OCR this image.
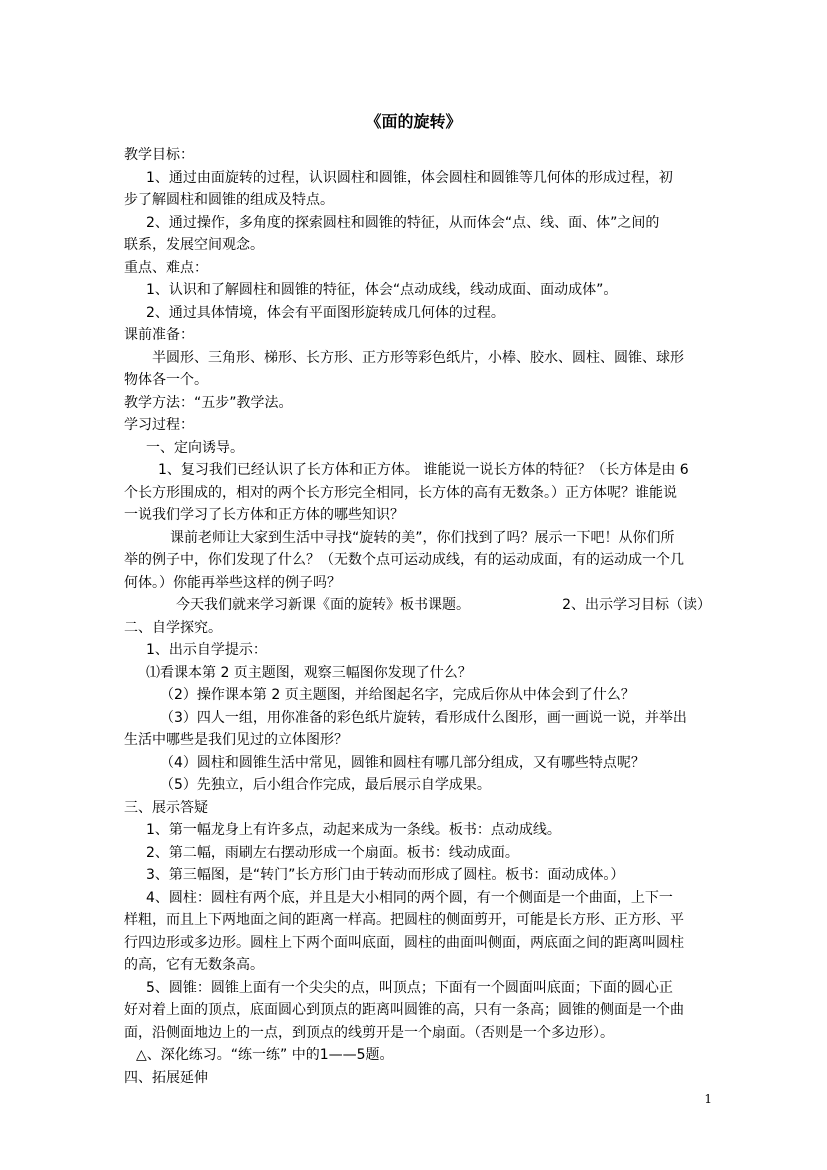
《面的旋转》
教学目标：
1、通过由面旋转的过程，认识圆柱和圆锥，体会圆柱和圆锥等几何体的形成过程，初
步了解圆柱和圆锥的组成及特点。
2、通过操作，多角度的探索圆柱和圆锥的特征，从而体会“点、线、面、体”之间的
联系，发展空间观念。
重点、难点：
1、认识和了解圆柱和圆锥的特征，体会“点动成线，线动成面、面动成体”。
2、通过具体情境，体会有平面图形旋转成几何体的过程。
课前准备：
半圆形、三角形、梯形、长方形、正方形等彩色纸片，小棒、胶水、圆柱、圆锥、球形
物体各一个。
教学方法：“五步”教学法。
学习过程：
一、定向诱导。
1、复习我们已经认识了长方体和正方体。 谁能说一说长方体的特征？（长方体是由 6
个长方形围成的，相对的两个长方形完全相同，长方体的高有无数条。）正方体呢？谁能说
一说我们学习了长方体和正方体的哪些知识？
课前老师让大家到生活中寻找“旋转的美”，你们找到了吗？展示一下吧！从你们所
举的例子中，你们发现了什么？（无数个点可运动成线，有的运动成面，有的运动成一个几
何体。）你能再举些这样的例子吗？
今天我们就来学习新课《面的旋转》板书课题。	2、出示学习目标（读）
二、自学探究。
1、出示自学提示：
⑴看课本第 2 页主题图，观察三幅图你发现了什么？
（2）操作课本第 2 页主题图，并给图起名字，完成后你从中体会到了什么？
（3）四人一组，用你准备的彩色纸片旋转，看形成什么图形，画一画说一说，并举出
生活中哪些是我们见过的立体图形？
（4）圆柱和圆锥生活中常见，圆锥和圆柱有哪几部分组成，又有哪些特点呢？
（5）先独立，后小组合作完成，最后展示自学成果。
三、展示答疑
1、第一幅龙身上有许多点，动起来成为一条线。板书：点动成线。
2、第二幅，雨刷左右摆动形成一个扇面。板书：线动成面。
3、第三幅图，是“转门”长方形门由于转动而形成了圆柱。板书：面动成体。）
4、圆柱：圆柱有两个底，并且是大小相同的两个圆，有一个侧面是一个曲面，上下一
样粗，而且上下两地面之间的距离一样高。把圆柱的侧面剪开，可能是长方形、正方形、平
行四边形或多边形。圆柱上下两个面叫底面，圆柱的曲面叫侧面，两底面之间的距离叫圆柱
的高，它有无数条高。
5、圆锥：圆锥上面有一个尖尖的点，叫顶点；下面有一个圆面叫底面；下面的圆心正
好对着上面的顶点，底面圆心到顶点的距离叫圆锥的高，只有一条高；圆锥的侧面是一个曲
面，沿侧面地边上的一点，到顶点的线剪开是一个扇面。（否则是一个多边形）。
△、深化练习。“练一练” 中的1——5题。
四、拓展延伸
1
